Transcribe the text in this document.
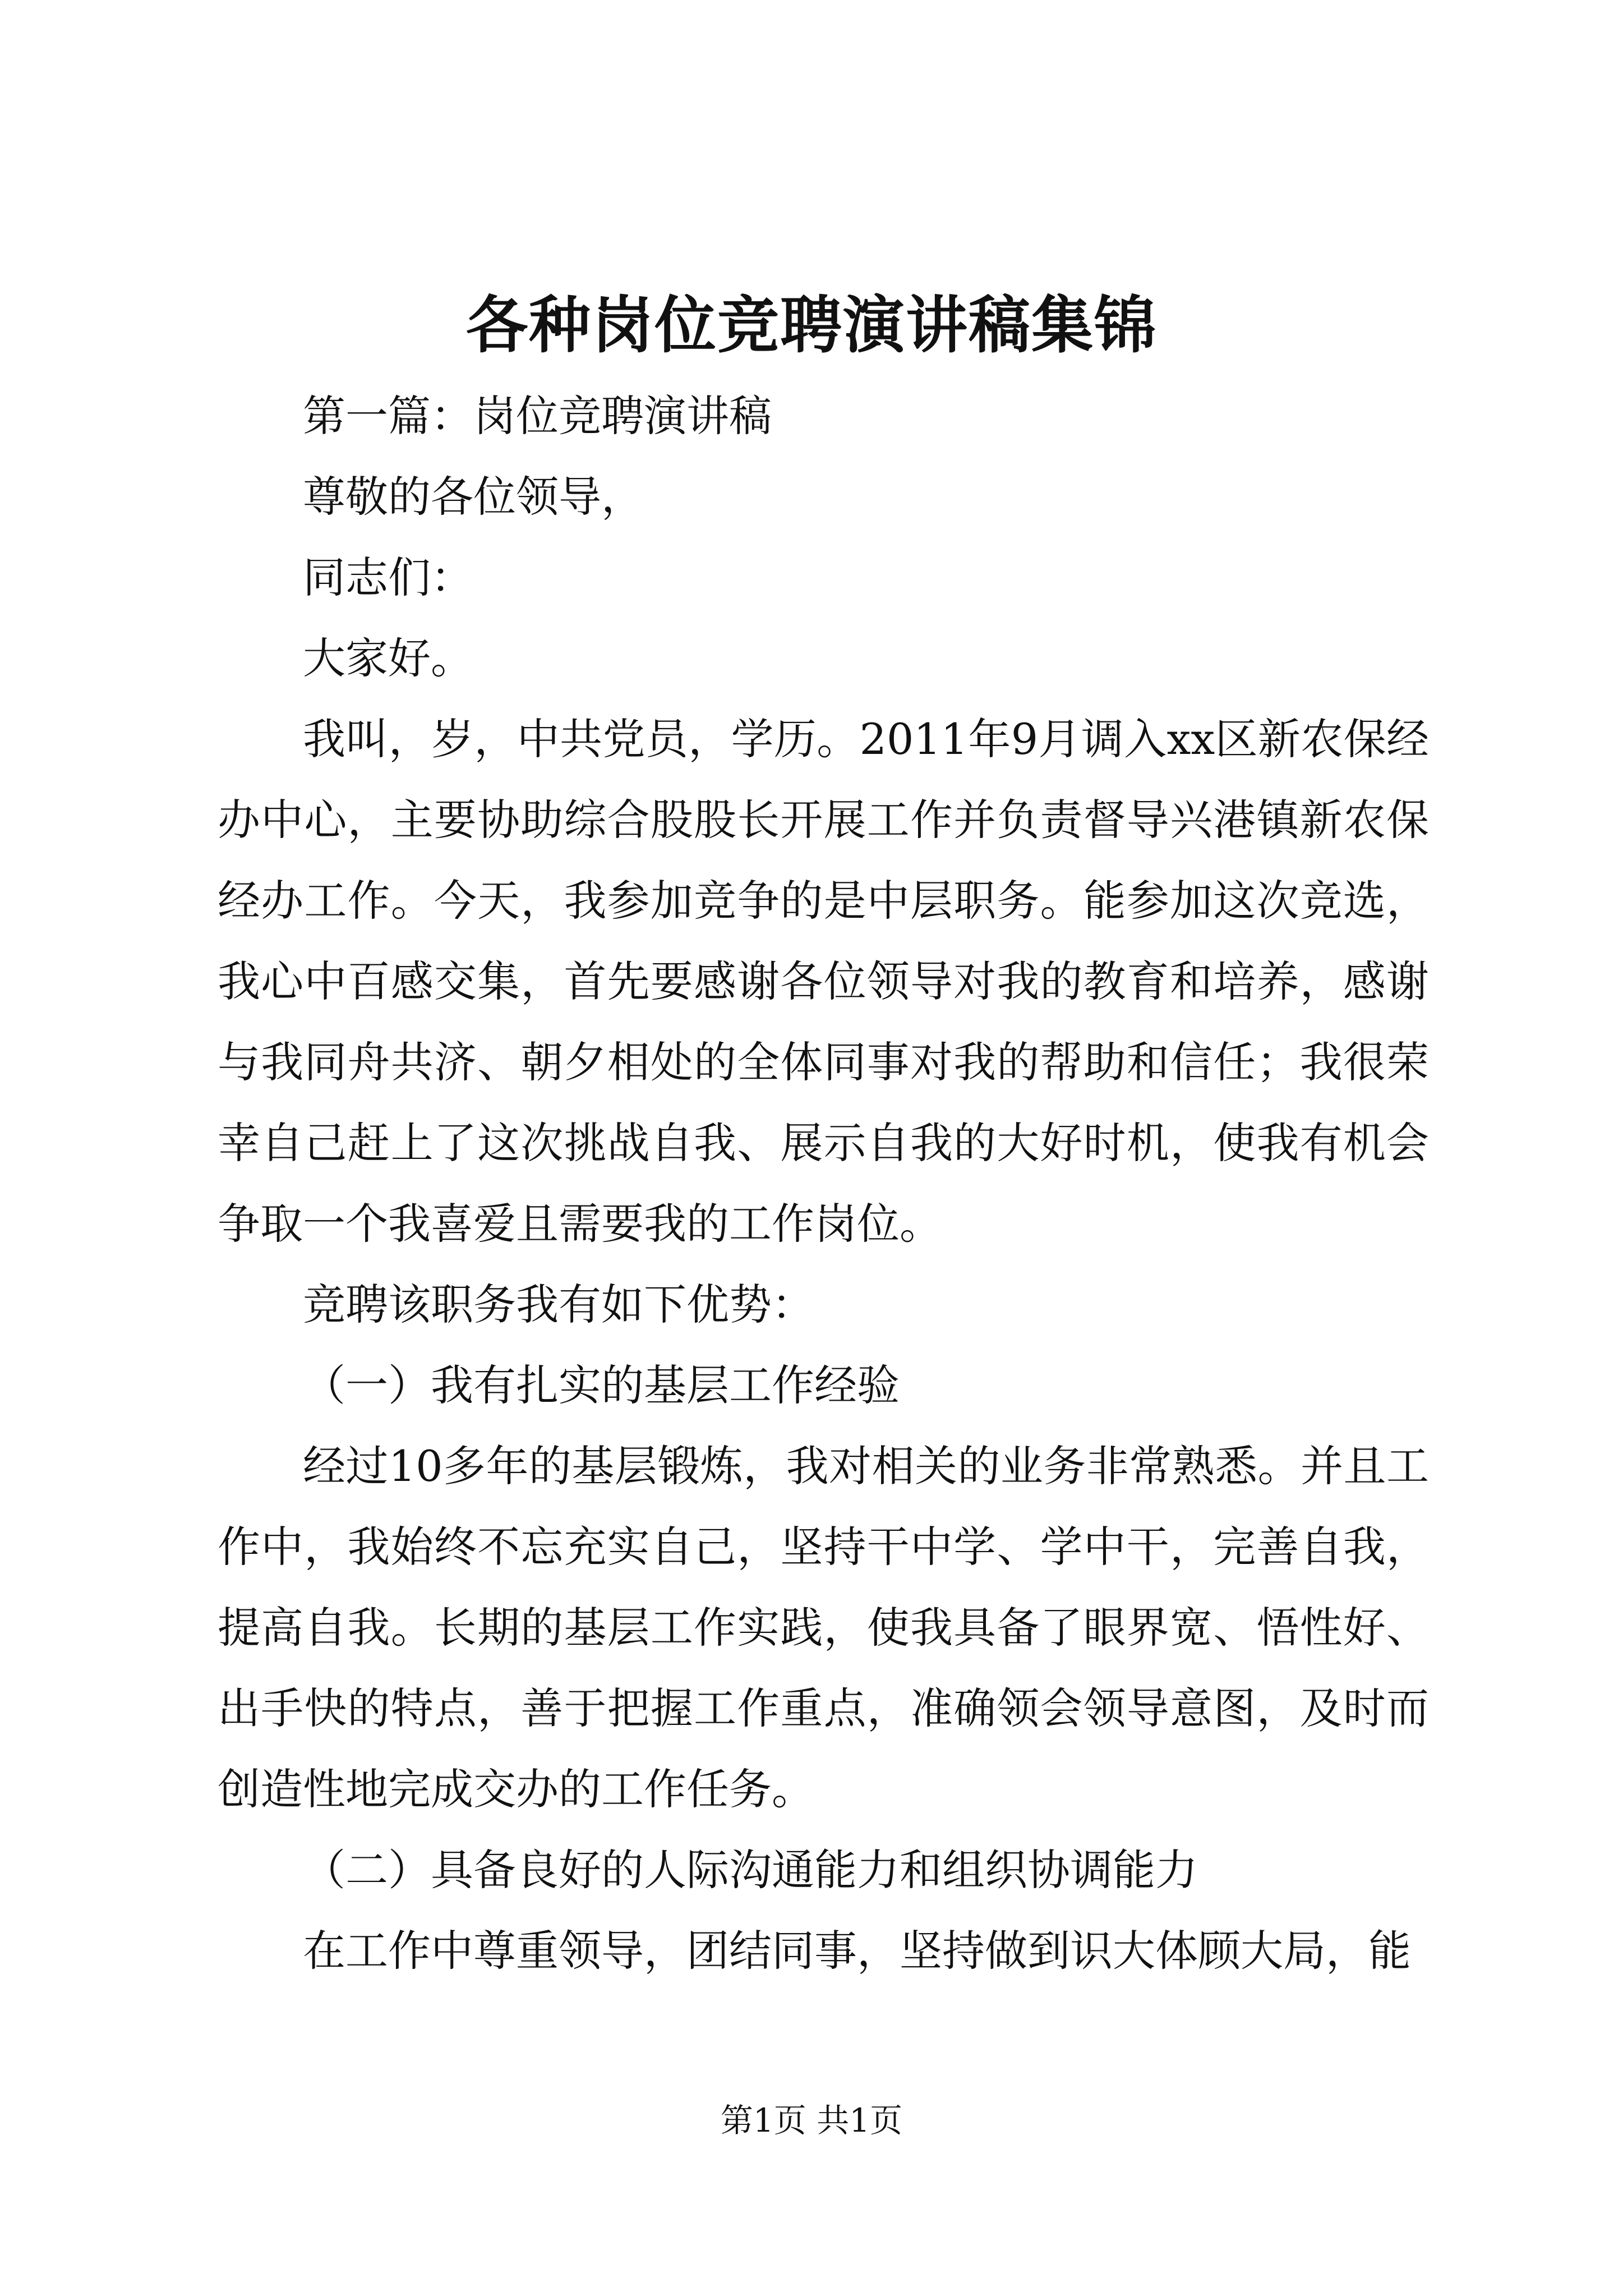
各种岗位竞聘演讲稿集锦

第一篇：岗位竞聘演讲稿

尊敬的各位领导，

同志们：

大家好。

我叫，岁，中共党员，学历。2011年9月调入xx区新农保经办中心，主要协助综合股股长开展工作并负责督导兴港镇新农保经办工作。今天，我参加竞争的是中层职务。能参加这次竞选，我心中百感交集，首先要感谢各位领导对我的教育和培养，感谢与我同舟共济、朝夕相处的全体同事对我的帮助和信任；我很荣幸自己赶上了这次挑战自我、展示自我的大好时机，使我有机会争取一个我喜爱且需要我的工作岗位。

竞聘该职务我有如下优势：

（一）我有扎实的基层工作经验

经过10多年的基层锻炼，我对相关的业务非常熟悉。并且工作中，我始终不忘充实自己，坚持干中学、学中干，完善自我，提高自我。长期的基层工作实践，使我具备了眼界宽、悟性好、出手快的特点，善于把握工作重点，准确领会领导意图，及时而创造性地完成交办的工作任务。

（二）具备良好的人际沟通能力和组织协调能力

在工作中尊重领导，团结同事，坚持做到识大体顾大局，能

第1页 共1页
